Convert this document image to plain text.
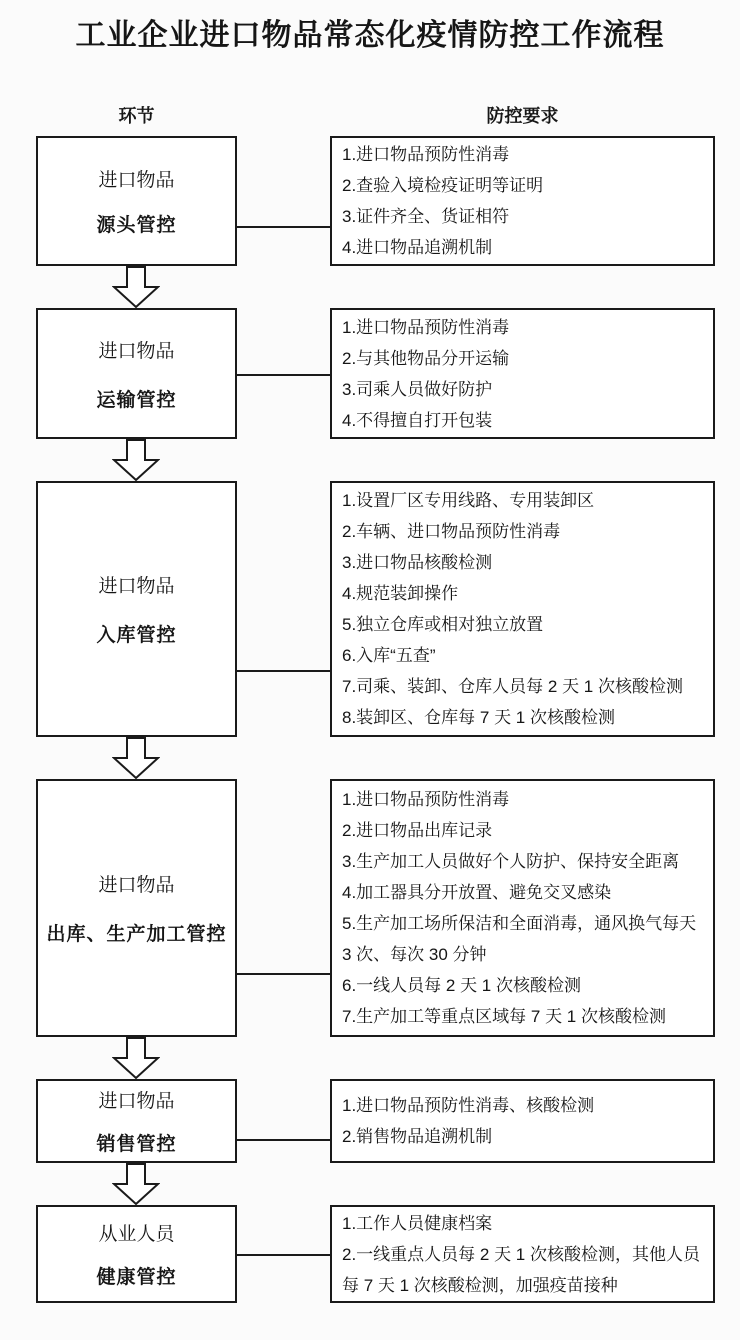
工业企业进口物品常态化疫情防控工作流程
环节	防控要求
进口物品
源头管控
1.进口物品预防性消毒
2.查验入境检疫证明等证明
3.证件齐全、货证相符
4.进口物品追溯机制
进口物品
运输管控
1.进口物品预防性消毒
2.与其他物品分开运输
3.司乘人员做好防护
4.不得擅自打开包装
进口物品
入库管控
1.设置厂区专用线路、专用装卸区
2.车辆、进口物品预防性消毒
3.进口物品核酸检测
4.规范装卸操作
5.独立仓库或相对独立放置
6.入库“五查”
7.司乘、装卸、仓库人员每 2 天 1 次核酸检测
8.装卸区、仓库每 7 天 1 次核酸检测
进口物品
出库、生产加工管控
1.进口物品预防性消毒
2.进口物品出库记录
3.生产加工人员做好个人防护、保持安全距离
4.加工器具分开放置、避免交叉感染
5.生产加工场所保洁和全面消毒，通风换气每天 3 次、每次 30 分钟
6.一线人员每 2 天 1 次核酸检测
7.生产加工等重点区域每 7 天 1 次核酸检测
进口物品
销售管控
1.进口物品预防性消毒、核酸检测
2.销售物品追溯机制
从业人员
健康管控
1.工作人员健康档案
2.一线重点人员每 2 天 1 次核酸检测，其他人员每 7 天 1 次核酸检测，加强疫苗接种
